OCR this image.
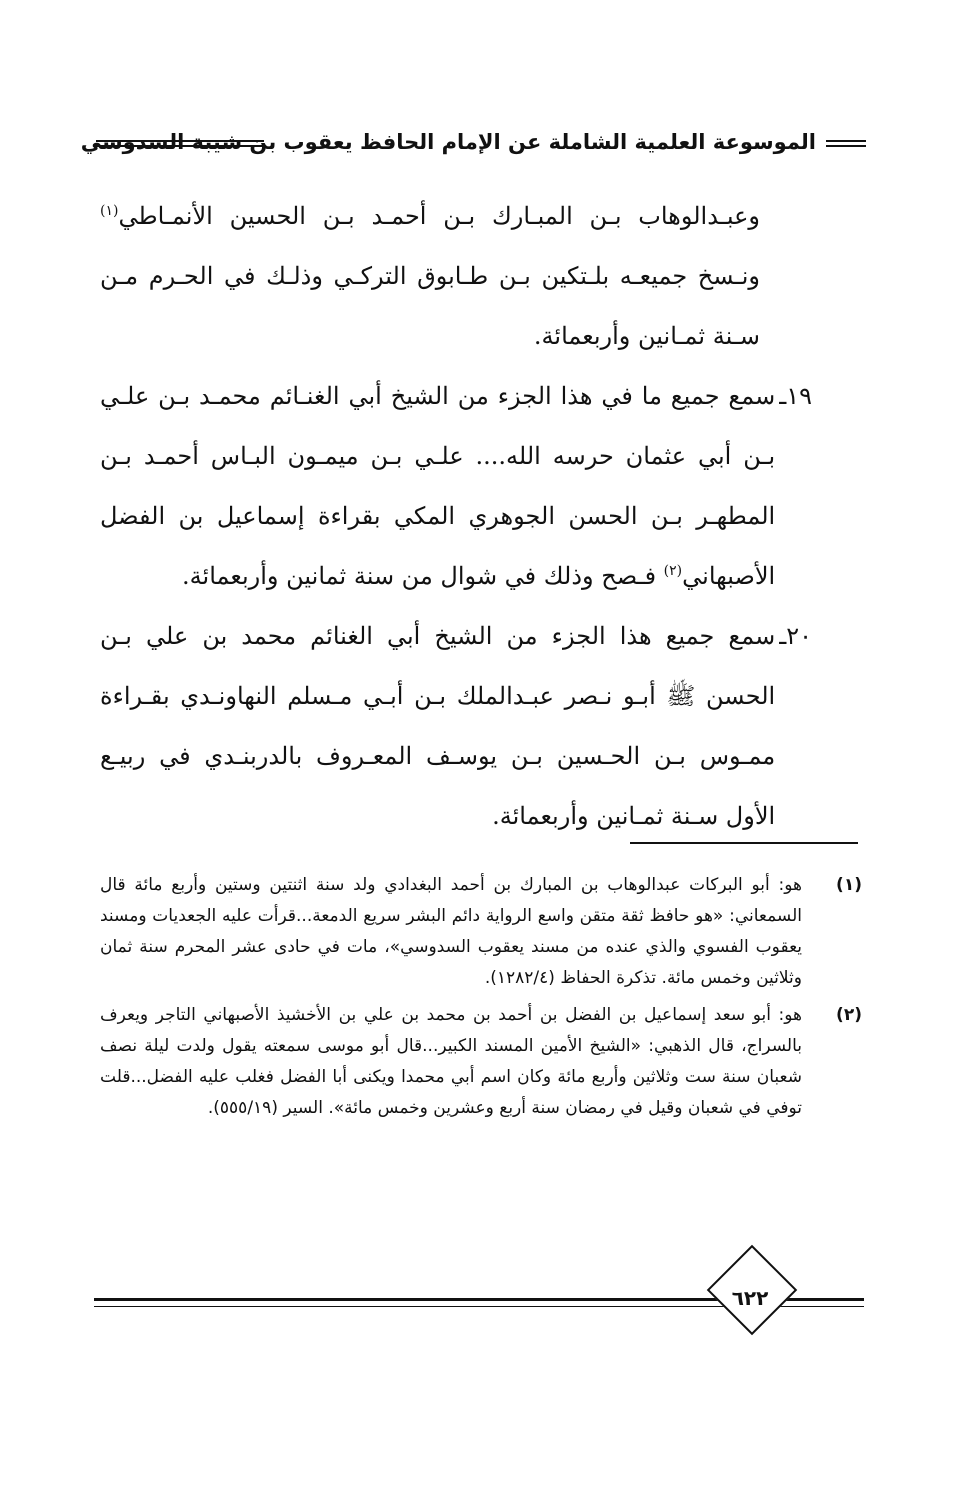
الموسوعة العلمية الشاملة عن الإمام الحافظ يعقوب بن شيبة السدوسي

وعبـدالوهاب بـن المبـارك بـن أحمـد بـن الحسين الأنمـاطي$^{(١)}$ ونـسخ جميعـه بلـتكين بـن طـابوق التركـي وذلـك في الحـرم مـن سـنة ثمـانين وأربعمائة.

١٩ـ

سمع جميع ما في هذا الجزء من الشيخ أبي الغنـائم محمـد بـن علـي بـن أبي عثمان حرسه الله.... علـي بـن ميمـون البـاس أحمـد بـن المطهـر بـن الحسن الجوهري المكي بقراءة إسماعيل بن الفضل الأصبهاني$^{(٢)}$ فـصح وذلك في شوال من سنة ثمانين وأربعمائة.

٢٠ـ

سمع جميع هذا الجزء من الشيخ أبي الغنائم محمد بن علي بـن الحسن ﷺ أبـو نـصر عبـدالملك بـن أبـي مـسلم النهاونـدي بقـراءة ممـوس بـن الحـسين بـن يوسـف المعـروف بالدربنـدي في ربيـع الأول سـنة ثمـانين وأربعمائة.

(١)

هو: أبو البركات عبدالوهاب بن المبارك بن أحمد البغدادي ولد سنة اثنتين وستين وأربع مائة قال السمعاني: «هو حافظ ثقة متقن واسع الرواية دائم البشر سريع الدمعة...قرأت عليه الجعديات ومسند يعقوب الفسوي والذي عنده من مسند يعقوب السدوسي»، مات في حادى عشر المحرم سنة ثمان وثلاثين وخمس مائة. تذكرة الحفاظ (١٢٨٢/٤).

(٢)

هو: أبو سعد إسماعيل بن الفضل بن أحمد بن محمد بن علي بن الأخشيذ الأصبهاني التاجر ويعرف بالسراج، قال الذهبي: «الشيخ الأمين المسند الكبير...قال أبو موسى سمعته يقول ولدت ليلة نصف شعبان سنة ست وثلاثين وأربع مائة وكان اسم أبي محمدا ويكنى أبا الفضل فغلب عليه الفضل...قلت توفي في شعبان وقيل في رمضان سنة أربع وعشرين وخمس مائة». السير (٥٥٥/١٩).

٦٢٢
